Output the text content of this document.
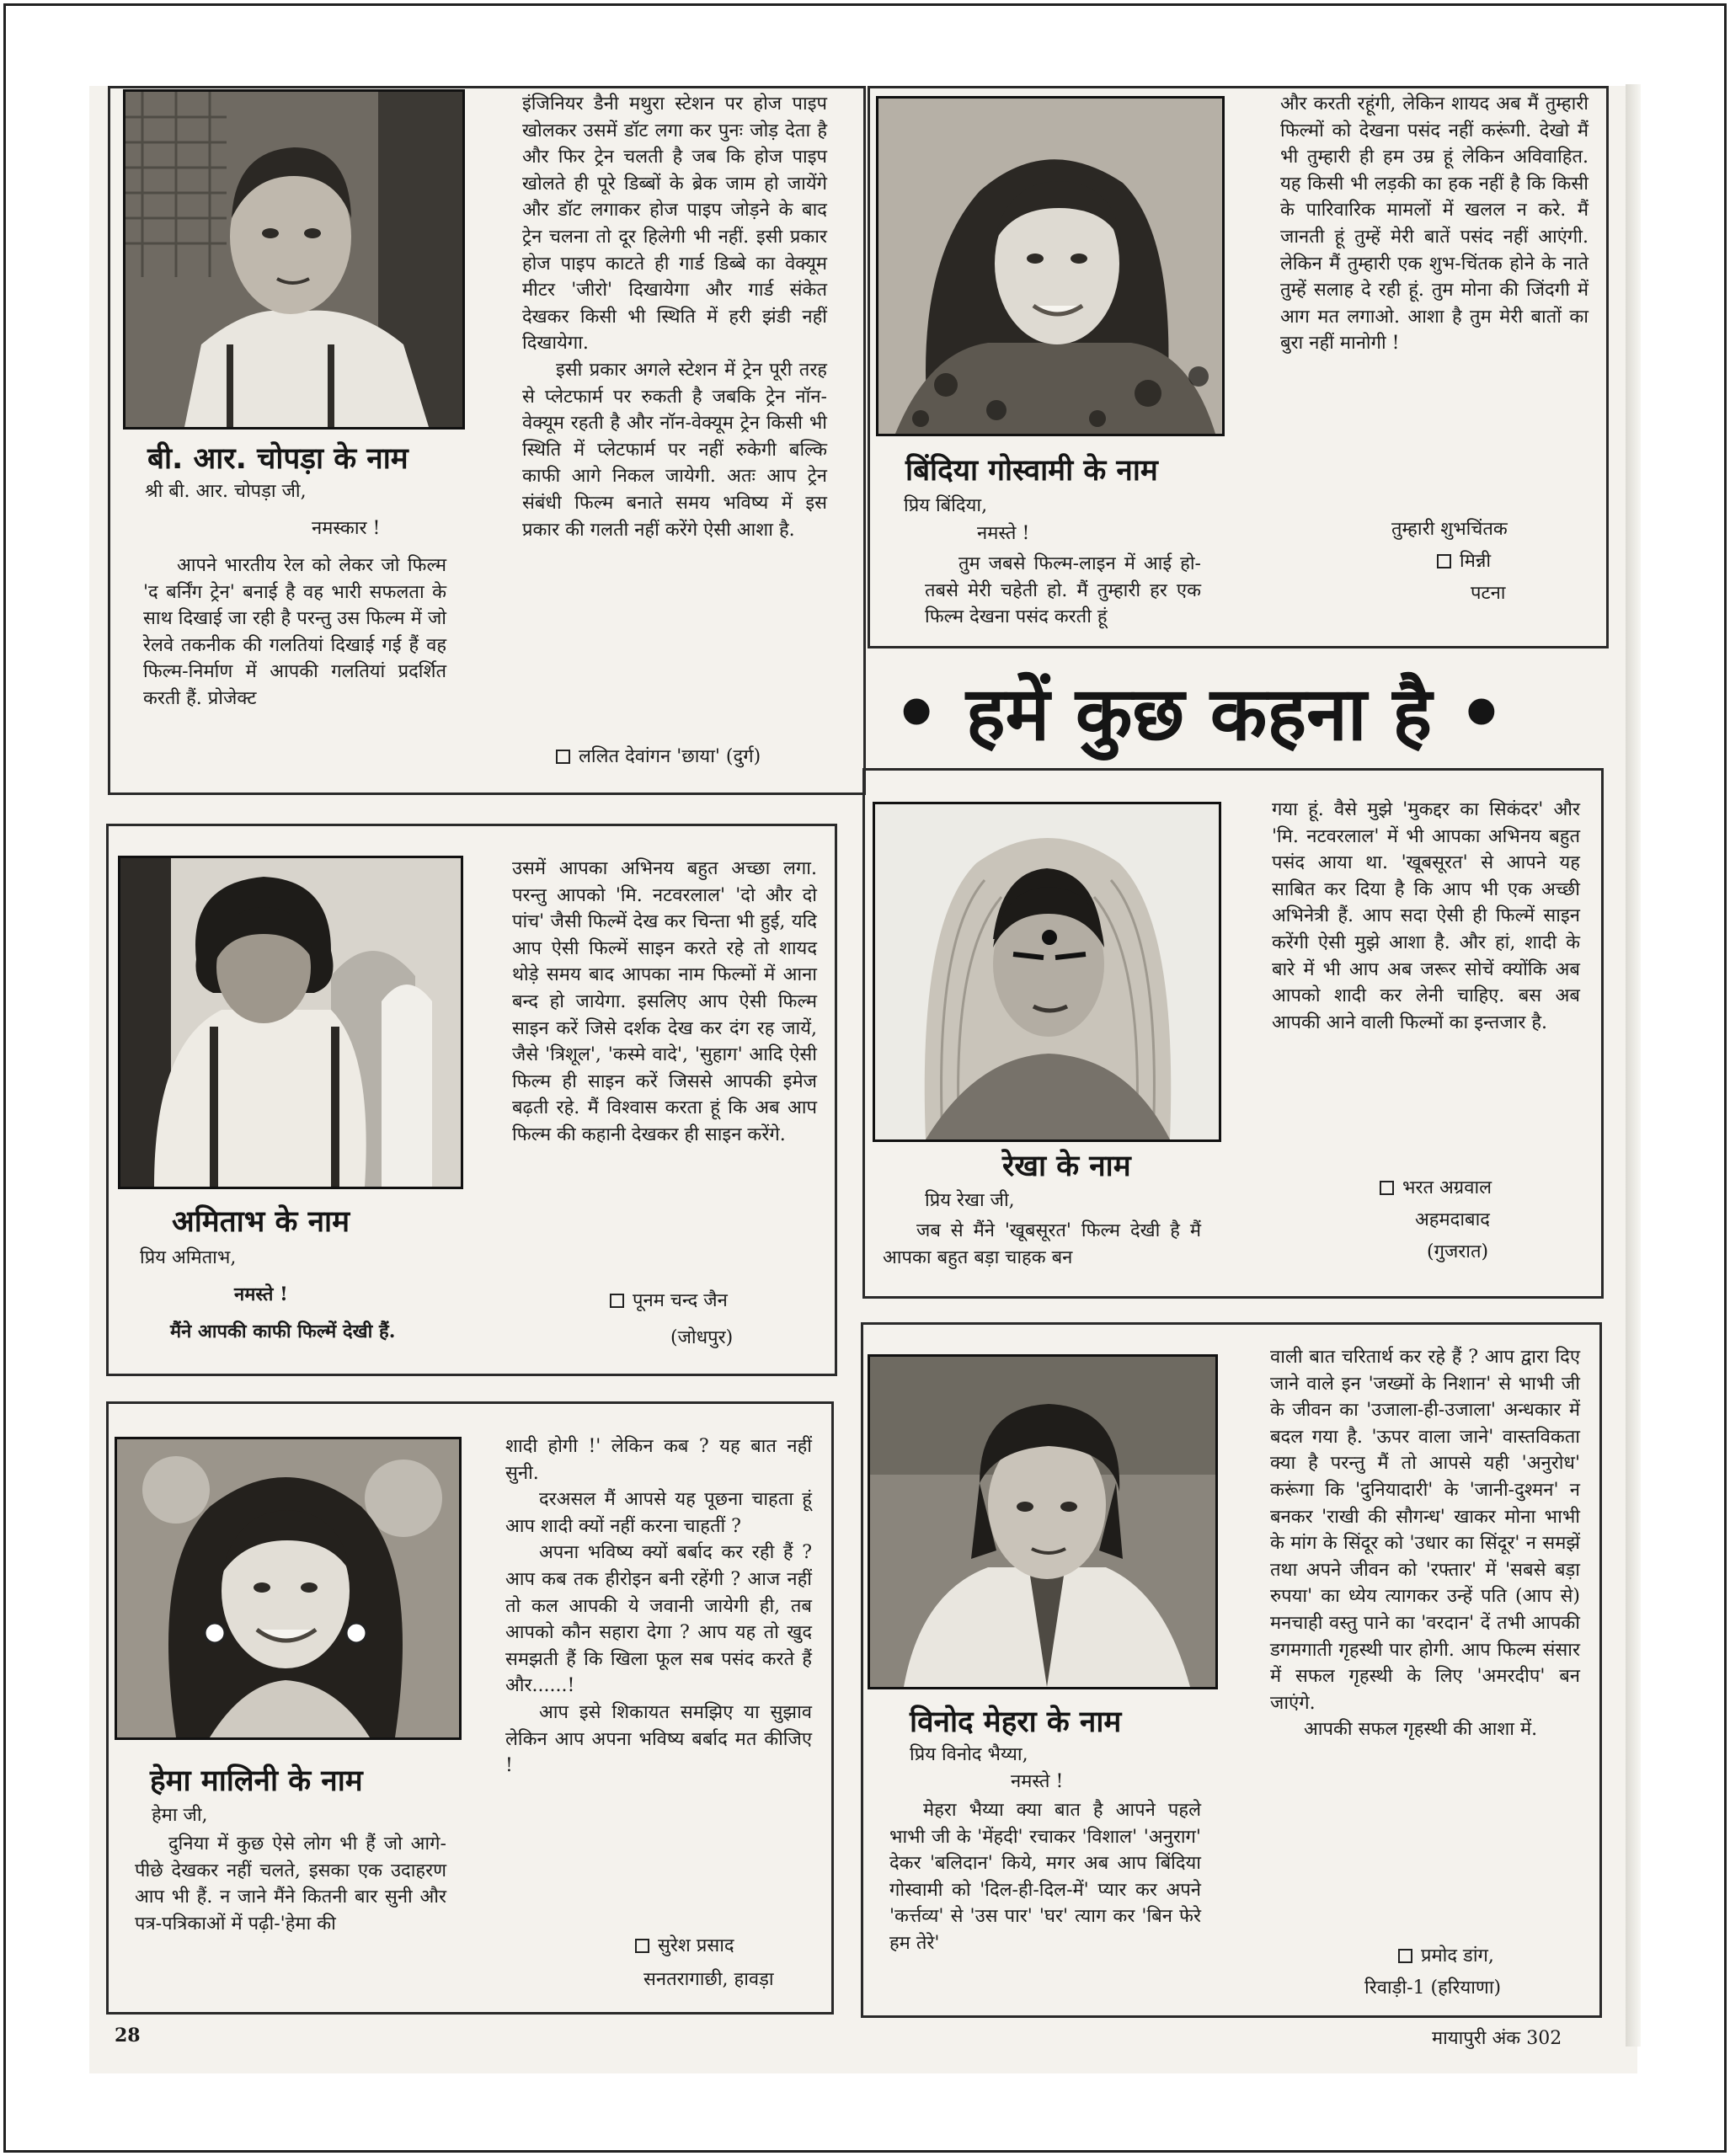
बी. आर. चोपड़ा के नाम
श्री बी. आर. चोपड़ा जी,
नमस्कार !

आपने भारतीय रेल को लेकर जो फिल्म 'द बर्निंग ट्रेन' बनाई है वह भारी सफलता के साथ दिखाई जा रही है परन्तु उस फिल्म में जो रेलवे तकनीक की गलतियां दिखाई गई हैं वह फिल्म-निर्माण में आपकी गलतियां प्रदर्शित करती हैं. प्रोजेक्ट

इंजिनियर डैनी मथुरा स्टेशन पर होज पाइप खोलकर उसमें डॉट लगा कर पुनः जोड़ देता है और फिर ट्रेन चलती है जब कि होज पाइप खोलते ही पूरे डिब्बों के ब्रेक जाम हो जायेंगे और डॉट लगाकर होज पाइप जोड़ने के बाद ट्रेन चलना तो दूर हिलेगी भी नहीं. इसी प्रकार होज पाइप काटते ही गार्ड डिब्बे का वेक्यूम मीटर 'जीरो' दिखायेगा और गार्ड संकेत देखकर किसी भी स्थिति में हरी झंडी नहीं दिखायेगा.

इसी प्रकार अगले स्टेशन में ट्रेन पूरी तरह से प्लेटफार्म पर रुकती है जबकि ट्रेन नॉन-वेक्यूम रहती है और नॉन-वेक्यूम ट्रेन किसी भी स्थिति में प्लेटफार्म पर नहीं रुकेगी बल्कि काफी आगे निकल जायेगी. अतः आप ट्रेन संबंधी फिल्म बनाते समय भविष्य में इस प्रकार की गलती नहीं करेंगे ऐसी आशा है.

ललित देवांगन 'छाया' (दुर्ग)
बिंदिया गोस्वामी के नाम
प्रिय बिंदिया,
नमस्ते !

तुम जबसे फिल्म-लाइन में आई हो-तबसे मेरी चहेती हो. मैं तुम्हारी हर एक फिल्म देखना पसंद करती हूं

और करती रहूंगी, लेकिन शायद अब मैं तुम्हारी फिल्मों को देखना पसंद नहीं करूंगी. देखो मैं भी तुम्हारी ही हम उम्र हूं लेकिन अविवाहित. यह किसी भी लड़की का हक नहीं है कि किसी के पारिवारिक मामलों में खलल न करे. मैं जानती हूं तुम्हें मेरी बातें पसंद नहीं आएंगी. लेकिन मैं तुम्हारी एक शुभ-चिंतक होने के नाते तुम्हें सलाह दे रही हूं. तुम मोना की जिंदगी में आग मत लगाओ. आशा है तुम मेरी बातों का बुरा नहीं मानोगी !

तुम्हारी शुभचिंतक
मिन्नी
पटना
• हमें कुछ कहना है •
अमिताभ के नाम
प्रिय अमिताभ,
नमस्ते !
मैंने आपकी काफी फिल्में देखी हैं.

उसमें आपका अभिनय बहुत अच्छा लगा. परन्तु आपको 'मि. नटवरलाल' 'दो और दो पांच' जैसी फिल्में देख कर चिन्ता भी हुई, यदि आप ऐसी फिल्में साइन करते रहे तो शायद थोड़े समय बाद आपका नाम फिल्मों में आना बन्द हो जायेगा. इसलिए आप ऐसी फिल्म साइन करें जिसे दर्शक देख कर दंग रह जायें, जैसे 'त्रिशूल', 'कस्मे वादे', 'सुहाग' आदि ऐसी फिल्म ही साइन करें जिससे आपकी इमेज बढ़ती रहे. मैं विश्वास करता हूं कि अब आप फिल्म की कहानी देखकर ही साइन करेंगे.

पूनम चन्द जैन
(जोधपुर)
रेखा के नाम
प्रिय रेखा जी,

जब से मैंने 'खूबसूरत' फिल्म देखी है मैं आपका बहुत बड़ा चाहक बन

गया हूं. वैसे मुझे 'मुकद्दर का सिकंदर' और 'मि. नटवरलाल' में भी आपका अभिनय बहुत पसंद आया था. 'खूबसूरत' से आपने यह साबित कर दिया है कि आप भी एक अच्छी अभिनेत्री हैं. आप सदा ऐसी ही फिल्में साइन करेंगी ऐसी मुझे आशा है. और हां, शादी के बारे में भी आप अब जरूर सोचें क्योंकि अब आपको शादी कर लेनी चाहिए. बस अब आपकी आने वाली फिल्मों का इन्तजार है.

भरत अग्रवाल
अहमदाबाद
(गुजरात)
हेमा मालिनी के नाम
हेमा जी,

दुनिया में कुछ ऐसे लोग भी हैं जो आगे-पीछे देखकर नहीं चलते, इसका एक उदाहरण आप भी हैं. न जाने मैंने कितनी बार सुनी और पत्र-पत्रिकाओं में पढ़ी-'हेमा की

शादी होगी !' लेकिन कब ? यह बात नहीं सुनी.

दरअसल मैं आपसे यह पूछना चाहता हूं आप शादी क्यों नहीं करना चाहतीं ?

अपना भविष्य क्यों बर्बाद कर रही हैं ? आप कब तक हीरोइन बनी रहेंगी ? आज नहीं तो कल आपकी ये जवानी जायेगी ही, तब आपको कौन सहारा देगा ? आप यह तो खुद समझती हैं कि खिला फूल सब पसंद करते हैं और......!

आप इसे शिकायत समझिए या सुझाव लेकिन आप अपना भविष्य बर्बाद मत कीजिए !

सुरेश प्रसाद
सनतरागाछी, हावड़ा
विनोद मेहरा के नाम
प्रिय विनोद भैय्या,
नमस्ते !

मेहरा भैय्या क्या बात है आपने पहले भाभी जी के 'मेंहदी' रचाकर 'विशाल' 'अनुराग' देकर 'बलिदान' किये, मगर अब आप बिंदिया गोस्वामी को 'दिल-ही-दिल-में' प्यार कर अपने 'कर्त्तव्य' से 'उस पार' 'घर' त्याग कर 'बिन फेरे हम तेरे'

वाली बात चरितार्थ कर रहे हैं ? आप द्वारा दिए जाने वाले इन 'जख्मों के निशान' से भाभी जी के जीवन का 'उजाला-ही-उजाला' अन्धकार में बदल गया है. 'ऊपर वाला जाने' वास्तविकता क्या है परन्तु मैं तो आपसे यही 'अनुरोध' करूंगा कि 'दुनियादारी' के 'जानी-दुश्मन' न बनकर 'राखी की सौगन्ध' खाकर मोना भाभी के मांग के सिंदूर को 'उधार का सिंदूर' न समझें तथा अपने जीवन को 'रफ्तार' में 'सबसे बड़ा रुपया' का ध्येय त्यागकर उन्हें पति (आप से) मनचाही वस्तु पाने का 'वरदान' दें तभी आपकी डगमगाती गृहस्थी पार होगी. आप फिल्म संसार में सफल गृहस्थी के लिए 'अमरदीप' बन जाएंगे.

आपकी सफल गृहस्थी की आशा में.

प्रमोद डांग,
रिवाड़ी-1 (हरियाणा)
28	मायापुरी अंक 302
